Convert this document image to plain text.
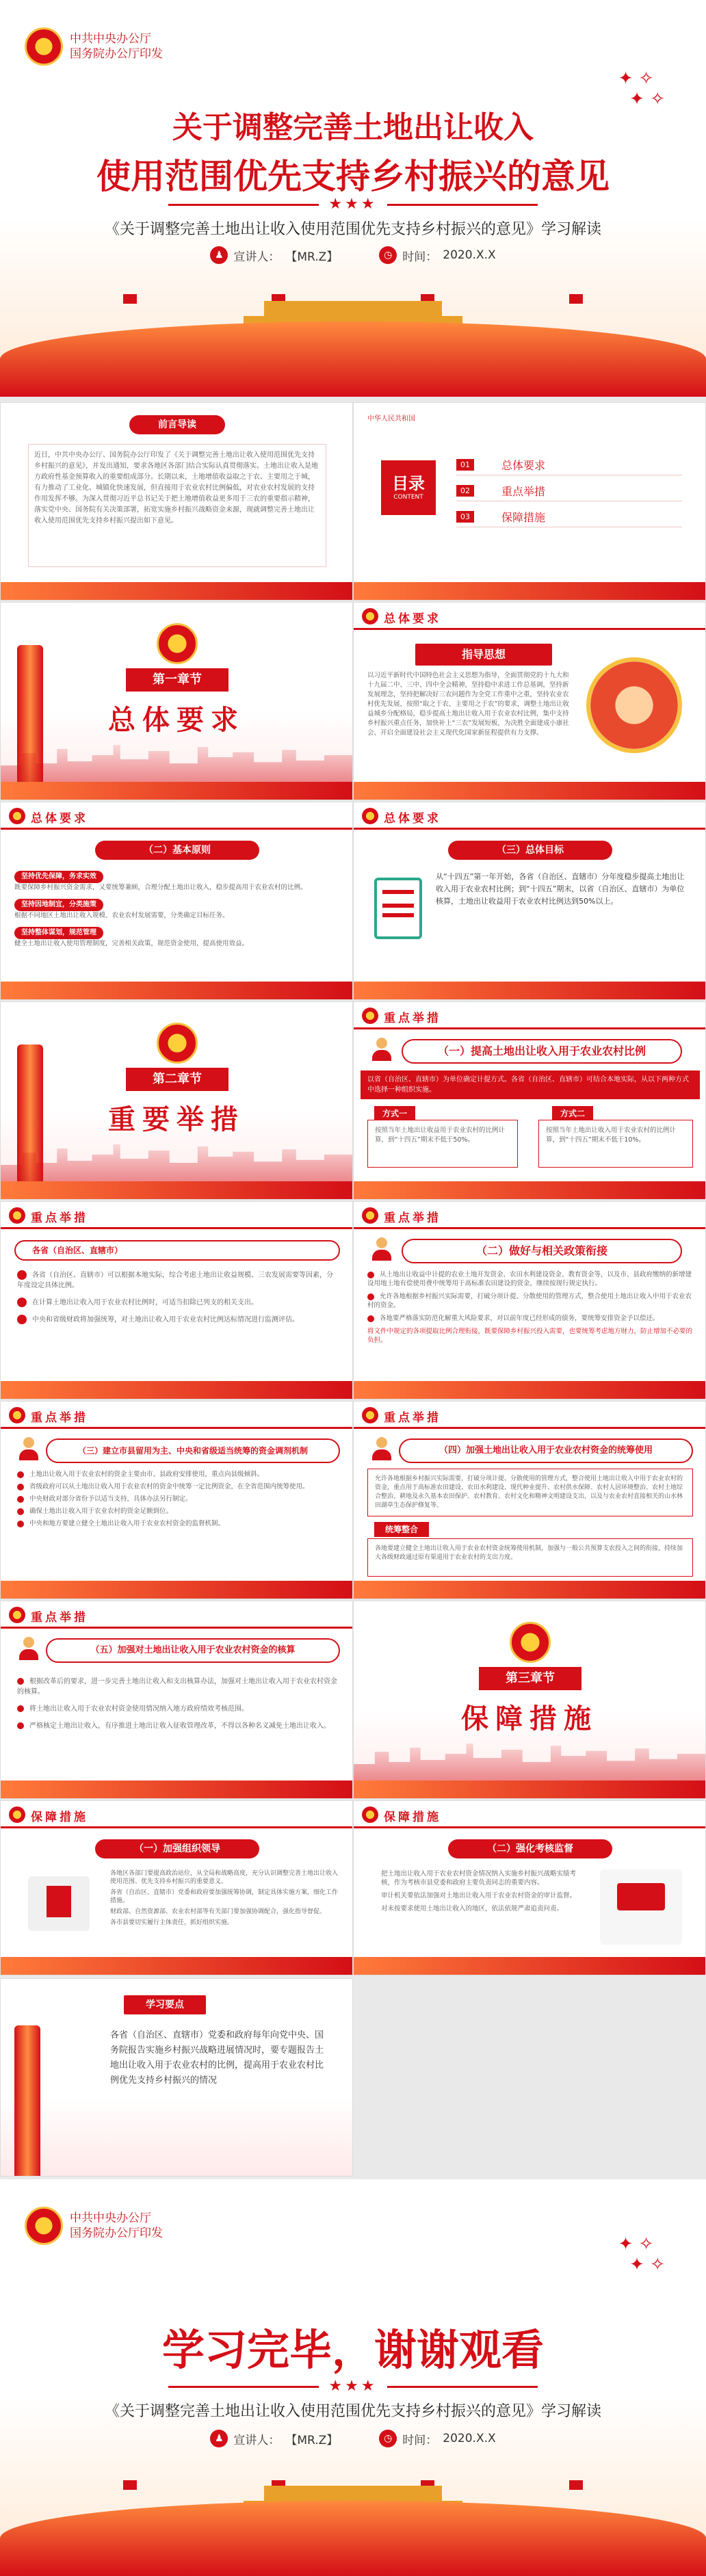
中共中央办公厅
国务院办公厅印发
✦ ✧
✦ ✧
关于调整完善土地出让收入
使用范围优先支持乡村振兴的意见
★★★
《关于调整完善土地出让收入使用范围优先支持乡村振兴的意见》学习解读
♟ 宣讲人： 【MR.Z】	◷ 时间： 2020.X.X
前言导读
近日，中共中央办公厅、国务院办公厅印发了《关于调整完善土地出让收入使用范围优先支持乡村振兴的意见》，并发出通知，要求各地区各部门结合实际认真贯彻落实。土地出让收入是地方政府性基金预算收入的重要组成部分。长期以来，土地增值收益取之于农、主要用之于城，有力推动了工业化、城镇化快速发展，但直接用于农业农村比例偏低，对农业农村发展的支持作用发挥不够。为深入贯彻习近平总书记关于把土地增值收益更多用于三农的重要指示精神，落实党中央、国务院有关决策部署，拓宽实施乡村振兴战略资金来源，现就调整完善土地出让收入使用范围优先支持乡村振兴提出如下意见。
中华人民共和国
目录
CONTENT
01	总体要求
02	重点举措
03	保障措施
第一章节
总体要求
总体要求
指导思想
以习近平新时代中国特色社会主义思想为指导，全面贯彻党的十九大和十九届二中、三中、四中全会精神，坚持稳中求进工作总基调，坚持新发展理念，坚持把解决好三农问题作为全党工作重中之重，坚持农业农村优先发展，按照“取之于农、主要用之于农”的要求，调整土地出让收益城乡分配格局，稳步提高土地出让收入用于农业农村比例，集中支持乡村振兴重点任务，加快补上“三农”发展短板，为决胜全面建成小康社会、开启全面建设社会主义现代化国家新征程提供有力支撑。
总体要求
（二）基本原则
坚持优先保障，务求实效
既要保障乡村振兴资金需求，又要统筹兼顾，合理分配土地出让收入，稳步提高用于农业农村的比例。
坚持因地制宜，分类施策
根据不同地区土地出让收入规模、农业农村发展需要，分类确定目标任务。
坚持整体谋划，规范管理
健全土地出让收入使用管理制度，完善相关政策，规范资金使用，提高使用效益。
总体要求
（三）总体目标
从“十四五”第一年开始，各省（自治区、直辖市）分年度稳步提高土地出让收入用于农业农村比例；到“十四五”期末，以省（自治区、直辖市）为单位核算，土地出让收益用于农业农村比例达到50%以上。
第二章节
重要举措
重点举措
（一）提高土地出让收入用于农业农村比例
以省（自治区、直辖市）为单位确定计提方式。各省（自治区、直辖市）可结合本地实际，从以下两种方式中选择一种组织实施。
方式一
按照当年土地出让收益用于农业农村的比例计算，到“十四五”期末不低于50%。
方式二
按照当年土地出让收入用于农业农村的比例计算，到“十四五”期末不低于10%。
重点举措
各省（自治区、直辖市）
各省（自治区、直辖市）可以根据本地实际，综合考虑土地出让收益规模、三农发展需要等因素，分年度设定具体比例。
在计算土地出让收入用于农业农村比例时，可适当扣除已列支的相关支出。
中央和省级财政将加强统筹，对土地出让收入用于农业农村比例达标情况进行监测评估。
重点举措
（二）做好与相关政策衔接
从土地出让收益中计提的农业土地开发资金、农田水利建设资金、教育资金等，以及市、县政府缴纳的新增建设用地土地有偿使用费中统筹用于高标准农田建设的资金，继续按现行规定执行。
允许各地根据乡村振兴实际需要，打破分项计提、分散使用的管理方式，整合使用土地出让收入中用于农业农村的资金。
各地要严格落实防范化解重大风险要求，对以前年度已经形成的债务，要统筹安排资金予以偿还。
将文件中规定的各项提取比例合理衔接，既要保障乡村振兴投入需要，也要统筹考虑地方财力，防止增加不必要的负担。
重点举措
（三）建立市县留用为主、中央和省级适当统筹的资金调剂机制
土地出让收入用于农业农村的资金主要由市、县政府安排使用，重点向县级倾斜。
省级政府可以从土地出让收入用于农业农村的资金中统筹一定比例资金，在全省范围内统筹使用。
中央财政对部分省份予以适当支持，具体办法另行制定。
确保土地出让收入用于农业农村的资金足额到位。
中央和地方要建立健全土地出让收入用于农业农村资金的监督机制。
重点举措
（四）加强土地出让收入用于农业农村资金的统筹使用
允许各地根据乡村振兴实际需要，打破分项计提、分散使用的管理方式，整合使用土地出让收入中用于农业农村的资金，重点用于高标准农田建设、农田水利建设、现代种业提升、农村供水保障、农村人居环境整治、农村土地综合整治、耕地及永久基本农田保护、农村教育、农村文化和精神文明建设支出，以及与农业农村直接相关的山水林田湖草生态保护修复等。
统筹整合
各地要建立健全土地出让收入用于农业农村资金统筹使用机制，加强与一般公共预算支农投入之间的衔接，持续加大各级财政通过原有渠道用于农业农村的支出力度。
重点举措
（五）加强对土地出让收入用于农业农村资金的核算
根据改革后的要求，进一步完善土地出让收入和支出核算办法，加强对土地出让收入用于农业农村资金的核算。
将土地出让收入用于农业农村资金使用情况纳入地方政府绩效考核范围。
严格核定土地出让收入，有序推进土地出让收入征收管理改革，不得以各种名义减免土地出让收入。
第三章节
保障措施
保障措施
（一）加强组织领导
各地区各部门要提高政治站位，从全局和战略高度，充分认识调整完善土地出让收入使用范围、优先支持乡村振兴的重要意义。
各省（自治区、直辖市）党委和政府要加强统筹协调，制定具体实施方案，细化工作措施。
财政部、自然资源部、农业农村部等有关部门要加强协调配合，强化指导督促。
各市县要切实履行主体责任，抓好组织实施。
保障措施
（二）强化考核监督
把土地出让收入用于农业农村资金情况纳入实施乡村振兴战略实绩考核，作为考核市县党委和政府主要负责同志的重要内容。
审计机关要依法加强对土地出让收入用于农业农村资金的审计监督。
对未按要求使用土地出让收入的地区，依法依规严肃追责问责。
学习要点
各省（自治区、直辖市）党委和政府每年向党中央、国务院报告实施乡村振兴战略进展情况时，要专题报告土地出让收入用于农业农村的比例，提高用于农业农村比例优先支持乡村振兴的情况
中共中央办公厅
国务院办公厅印发
✦ ✧
✦ ✧
学习完毕，谢谢观看
★★★
《关于调整完善土地出让收入使用范围优先支持乡村振兴的意见》学习解读
♟ 宣讲人： 【MR.Z】	◷ 时间： 2020.X.X
